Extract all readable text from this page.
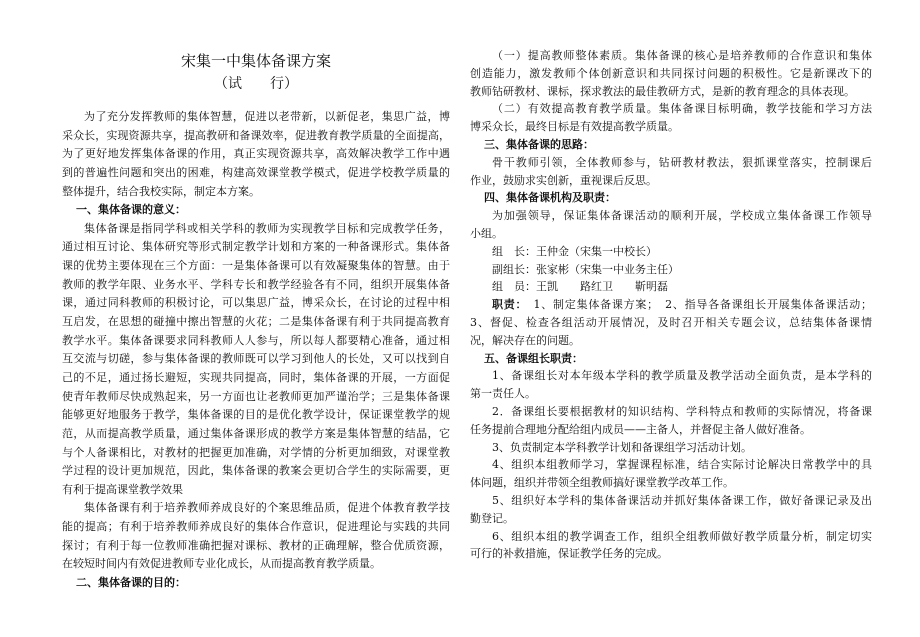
宋集一中集体备课方案
（试　　行）
为了充分发挥教师的集体智慧，促进以老带新，以新促老，集思广益，博
采众长，实现资源共享，提高教研和备课效率，促进教育教学质量的全面提高，
为了更好地发挥集体备课的作用，真正实现资源共享，高效解决教学工作中遇
到的普遍性问题和突出的困难，构建高效课堂教学模式，促进学校教学质量的
整体提升，结合我校实际，制定本方案。
一、集体备课的意义：
集体备课是指同学科或相关学科的教师为实现教学目标和完成教学任务，
通过相互讨论、集体研究等形式制定教学计划和方案的一种备课形式。集体备
课的优势主要体现在三个方面：一是集体备课可以有效凝聚集体的智慧。由于
教师的教学年限、业务水平、学科专长和教学经验各有不同，组织开展集体备
课，通过同科教师的积极讨论，可以集思广益，博采众长，在讨论的过程中相
互启发，在思想的碰撞中擦出智慧的火花；二是集体备课有利于共同提高教育
教学水平。集体备课要求同科教师人人参与，所以每人都要精心准备，通过相
互交流与切磋，参与集体备课的教师既可以学习到他人的长处，又可以找到自
己的不足，通过扬长避短，实现共同提高，同时，集体备课的开展，一方面促
使青年教师尽快成熟起来，另一方面也让老教师更加严谨治学；三是集体备课
能够更好地服务于教学，集体备课的目的是优化教学设计，保证课堂教学的规
范，从而提高教学质量，通过集体备课形成的教学方案是集体智慧的结晶，它
与个人备课相比，对教材的把握更加准确，对学情的分析更加细致，对课堂教
学过程的设计更加规范，因此，集体备课的教案会更切合学生的实际需要，更
有利于提高课堂教学效果
集体备课有利于培养教师养成良好的个案思维品质，促进个体教育教学技
能的提高；有利于培养教师养成良好的集体合作意识，促进理论与实践的共同
探讨；有利于每一位教师准确把握对课标、教材的正确理解，整合优质资源，
在较短时间内有效促进教师专业化成长，从而提高教育教学质量。
二、集体备课的目的：
（一）提高教师整体素质。集体备课的核心是培养教师的合作意识和集体
创造能力，激发教师个体创新意识和共同探讨问题的积极性。它是新课改下的
教师钻研教材、课标，探求教法的最佳教研方式，是新的教育理念的具体表现。
（二）有效提高教育教学质量。集体备课目标明确，教学技能和学习方法
博采众长，最终目标是有效提高教学质量。
三、集体备课的思路：
骨干教师引领，全体教师参与，钻研教材教法，狠抓课堂落实，控制课后
作业，鼓励求实创新，重视课后反思。
四、集体备课机构及职责：
为加强领导，保证集体备课活动的顺利开展，学校成立集体备课工作领导
小组。
组　长：王仲金（宋集一中校长）
副组长：张家彬（宋集一中业务主任）
组　员：王凯　　路红卫　　靳明磊
职责：　1、制定集体备课方案；　2、指导各备课组长开展集体备课活动；
3、督促、检查各组活动开展情况，及时召开相关专题会议，总结集体备课情
况，解决存在的问题。
五、备课组长职责：
1、备课组长对本年级本学科的教学质量及教学活动全面负责，是本学科的
第一责任人。
2．备课组长要根据教材的知识结构、学科特点和教师的实际情况，将备课
任务提前合理地分配给组内成员——主备人，并督促主备人做好准备。
3、负责制定本学科教学计划和备课组学习活动计划。
4、组织本组教师学习，掌握课程标准，结合实际讨论解决日常教学中的具
体问题，组织并带领全组教师搞好课堂教学改革工作。
5、组织好本学科的集体备课活动并抓好集体备课工作，做好备课记录及出
勤登记。
6、组织本组的教学调查工作，组织全组教师做好教学质量分析，制定切实
可行的补救措施，保证教学任务的完成。
